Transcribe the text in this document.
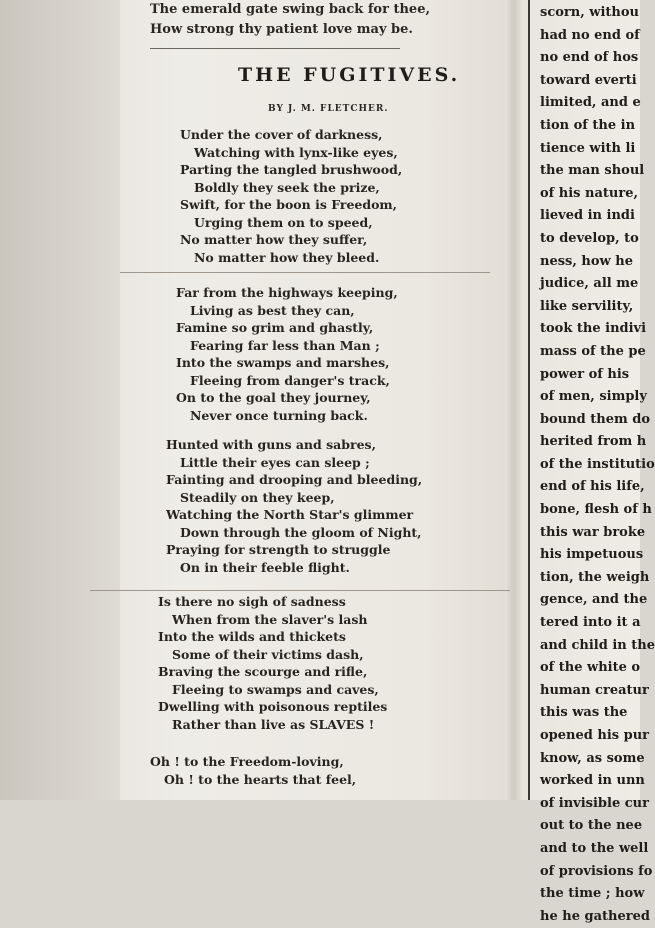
The emerald gate swing back for thee,
How strong thy patient love may be.
THE FUGITIVES.
BY J. M. FLETCHER.
Under the cover of darkness,
Watching with lynx-like eyes,
Parting the tangled brushwood,
Boldly they seek the prize,
Swift, for the boon is Freedom,
Urging them on to speed,
No matter how they suffer,
No matter how they bleed.
Far from the highways keeping,
Living as best they can,
Famine so grim and ghastly,
Fearing far less than Man ;
Into the swamps and marshes,
Fleeing from danger's track,
On to the goal they journey,
Never once turning back.
Hunted with guns and sabres,
Little their eyes can sleep ;
Fainting and drooping and bleeding,
Steadily on they keep,
Watching the North Star's glimmer
Down through the gloom of Night,
Praying for strength to struggle
On in their feeble flight.
Is there no sigh of sadness
When from the slaver's lash
Into the wilds and thickets
Some of their victims dash,
Braving the scourge and rifle,
Fleeing to swamps and caves,
Dwelling with poisonous reptiles
Rather than live as SLAVES !
Oh ! to the Freedom-loving,
Oh ! to the hearts that feel,
scorn, withou
had no end of
no end of hos
toward everti
limited, and e
tion of the in
tience with li
the man shoul
of his nature,
lieved in indi
to develop, to
ness, how he
judice, all me
like servility,
took the indivi
mass of the pe
power of his
of men, simply
bound them do
herited from h
of the institutio
end of his life,
bone, flesh of h
this war broke
his impetuous
tion, the weigh
gence, and the
tered into it a
and child in the
of the white o
human creatur
this was the
opened his pur
know, as some
worked in unn
of invisible cur
out to the nee
and to the well
of provisions fo
the time ; how
he he gathered
